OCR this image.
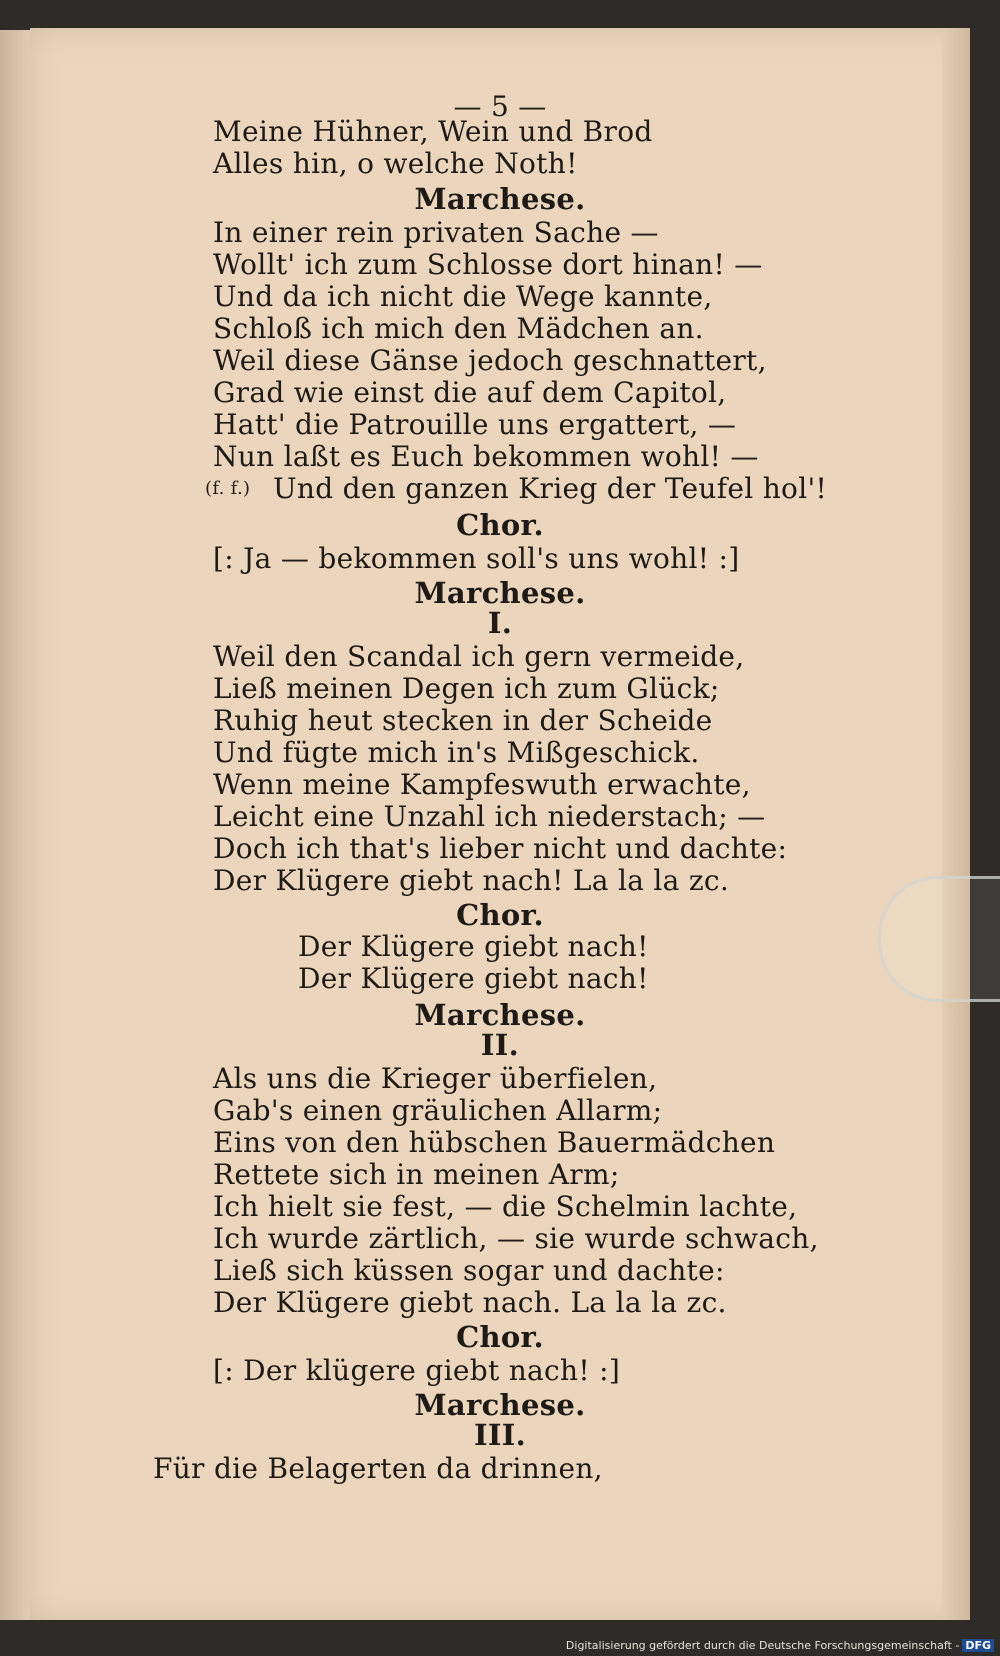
— 5 —
Meine Hühner, Wein und Brod
Alles hin, o welche Noth!
Marchese.
In einer rein privaten Sache —
Wollt' ich zum Schlosse dort hinan! —
Und da ich nicht die Wege kannte,
Schloß ich mich den Mädchen an.
Weil diese Gänse jedoch geschnattert,
Grad wie einst die auf dem Capitol,
Hatt' die Patrouille uns ergattert, —
Nun laßt es Euch bekommen wohl! —
(f. f.) Und den ganzen Krieg der Teufel hol'!
Chor.
[: Ja — bekommen soll's uns wohl! :]
Marchese.
I.
Weil den Scandal ich gern vermeide,
Ließ meinen Degen ich zum Glück;
Ruhig heut stecken in der Scheide
Und fügte mich in's Mißgeschick.
Wenn meine Kampfeswuth erwachte,
Leicht eine Unzahl ich niederstach; —
Doch ich that's lieber nicht und dachte:
Der Klügere giebt nach! La la la zc.
Chor.
Der Klügere giebt nach!
Der Klügere giebt nach!
Marchese.
II.
Als uns die Krieger überfielen,
Gab's einen gräulichen Allarm;
Eins von den hübschen Bauermädchen
Rettete sich in meinen Arm;
Ich hielt sie fest, — die Schelmin lachte,
Ich wurde zärtlich, — sie wurde schwach,
Ließ sich küssen sogar und dachte:
Der Klügere giebt nach. La la la zc.
Chor.
[: Der klügere giebt nach! :]
Marchese.
III.
Für die Belagerten da drinnen,
Digitalisierung gefördert durch die Deutsche Forschungsgemeinschaft - DFG
